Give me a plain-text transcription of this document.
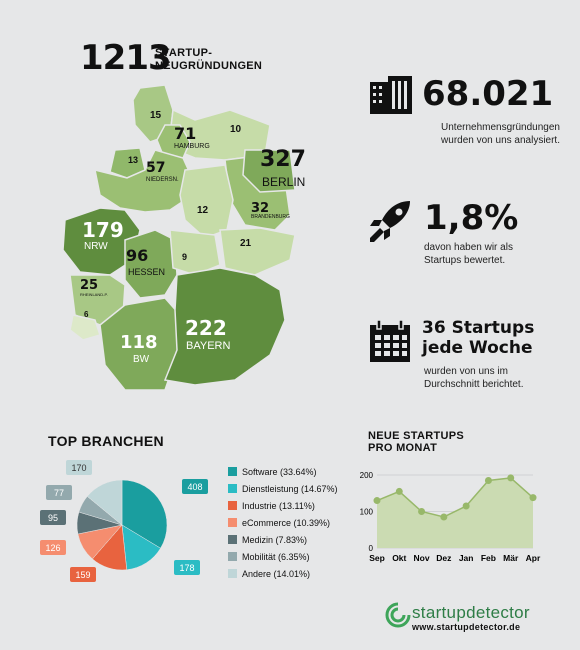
1213
STARTUP-
NEUGRÜNDUNGEN
15
71
HAMBURG
10
327
BERLIN
13 57
NIEDERSN.
12	32
BRANDENBURG
179
NRW 96
HESSEN
9
21
25
RHEINLAND-P.
6
118
BW
222
BAYERN
68.021
Unternehmensgründungen
wurden von uns analysiert.
1,8%
davon haben wir als
Startups bewertet.
36 Startups
jede Woche
wurden von uns im
Durchschnitt berichtet.
TOP BRANCHEN
408
178
159
126
95
77
170	Software (33.64%)
Dienstleistung (14.67%)
Industrie (13.11%)
eCommerce (10.39%)
Medizin (7.83%)
Mobilität (6.35%)
Andere (14.01%)
NEUE STARTUPS
PRO MONAT
0
100
200
Sep Okt Nov Dez Jan Feb Mär Apr
startupdetector
www.startupdetector.de
